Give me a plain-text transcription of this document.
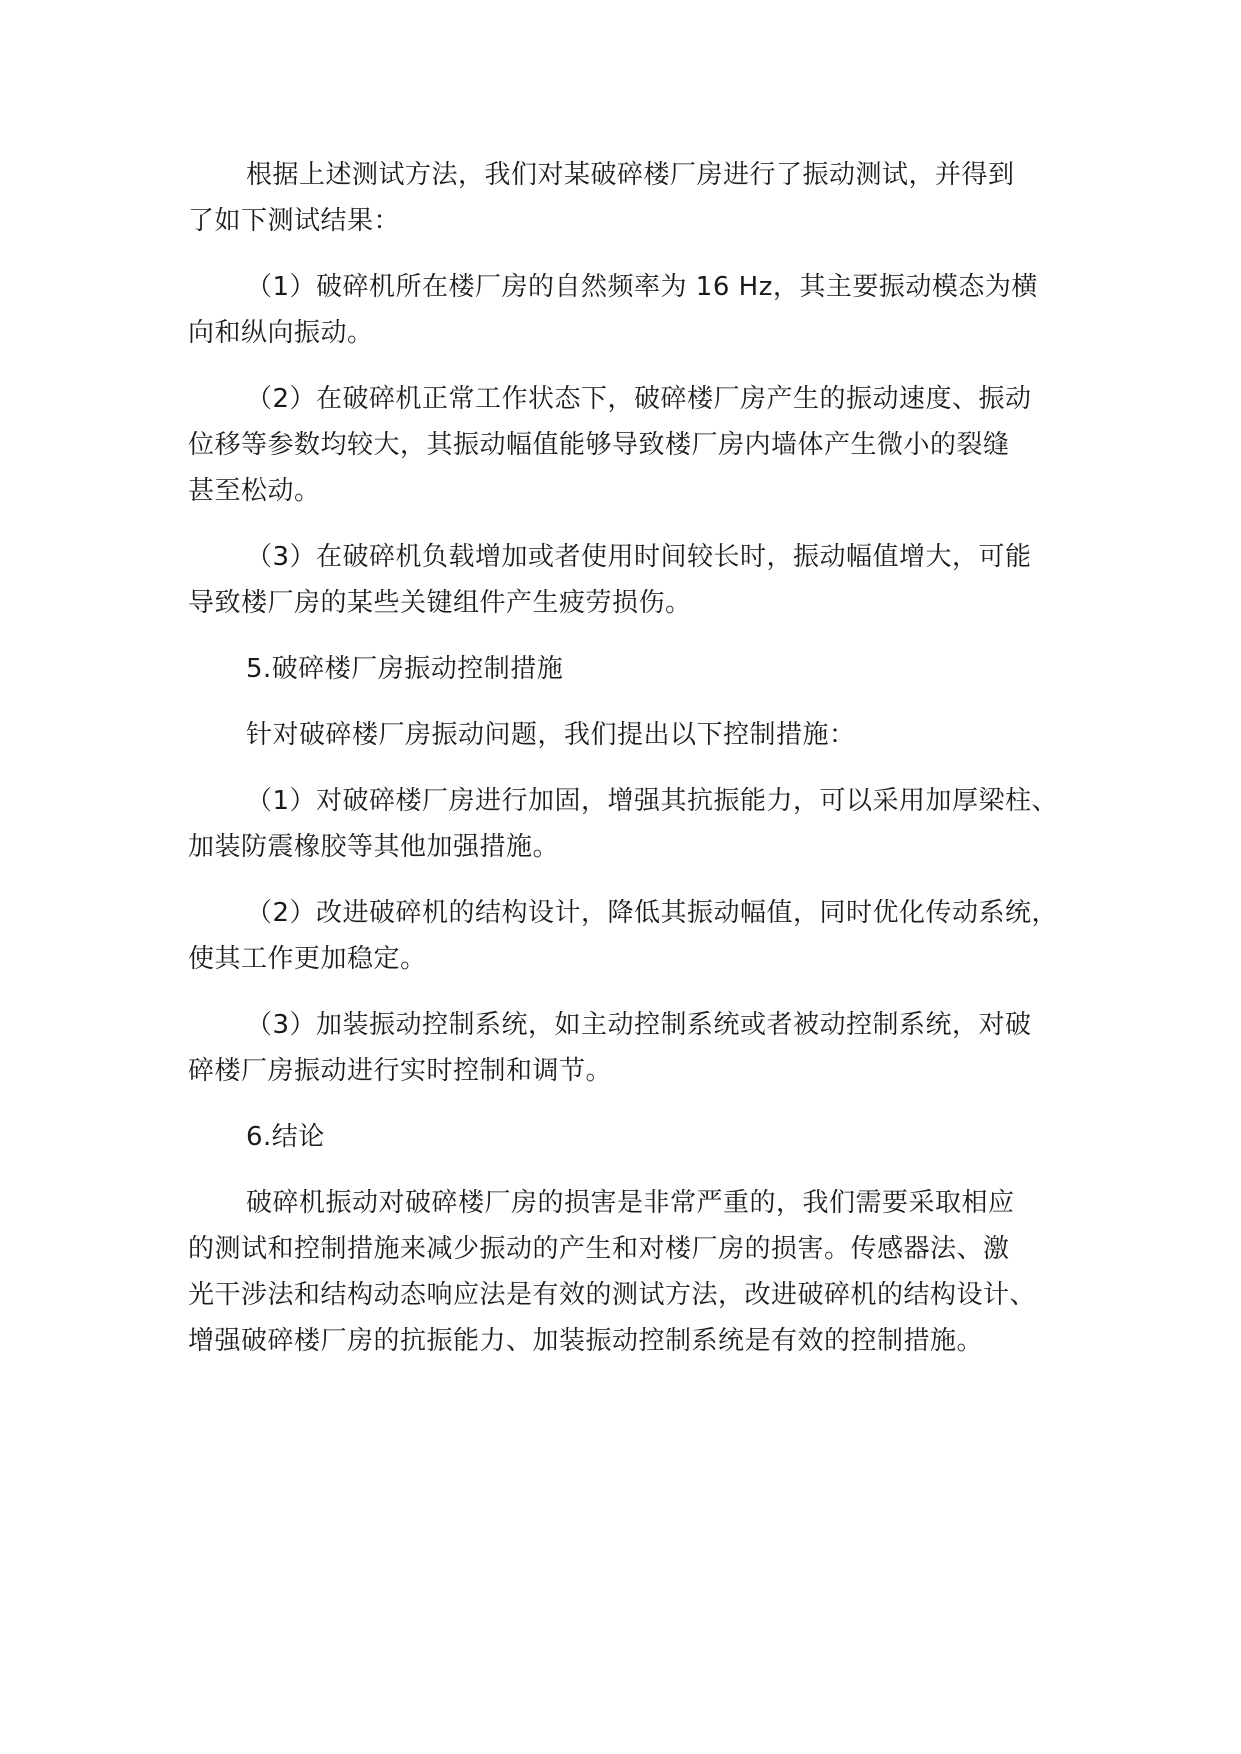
根据上述测试方法，我们对某破碎楼厂房进行了振动测试，并得到
了如下测试结果：
（1）破碎机所在楼厂房的自然频率为 16 Hz，其主要振动模态为横
向和纵向振动。
（2）在破碎机正常工作状态下，破碎楼厂房产生的振动速度、振动
位移等参数均较大，其振动幅值能够导致楼厂房内墙体产生微小的裂缝
甚至松动。
（3）在破碎机负载增加或者使用时间较长时，振动幅值增大，可能
导致楼厂房的某些关键组件产生疲劳损伤。
5.破碎楼厂房振动控制措施
针对破碎楼厂房振动问题，我们提出以下控制措施：
（1）对破碎楼厂房进行加固，增强其抗振能力，可以采用加厚梁柱、
加装防震橡胶等其他加强措施。
（2）改进破碎机的结构设计，降低其振动幅值，同时优化传动系统，
使其工作更加稳定。
（3）加装振动控制系统，如主动控制系统或者被动控制系统，对破
碎楼厂房振动进行实时控制和调节。
6.结论
破碎机振动对破碎楼厂房的损害是非常严重的，我们需要采取相应
的测试和控制措施来减少振动的产生和对楼厂房的损害。传感器法、激
光干涉法和结构动态响应法是有效的测试方法，改进破碎机的结构设计、
增强破碎楼厂房的抗振能力、加装振动控制系统是有效的控制措施。
